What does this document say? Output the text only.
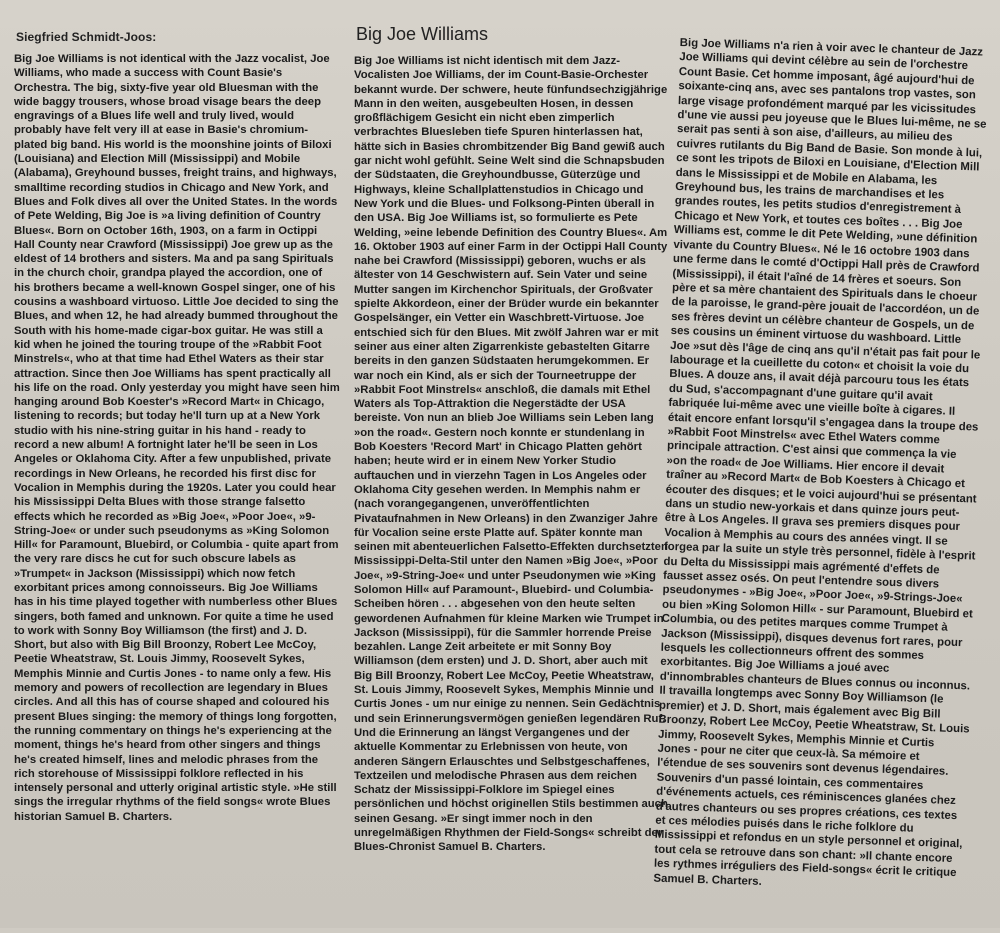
Siegfried Schmidt-Joos:	Big Joe Williams

Big Joe Williams is not identical with the Jazz vocalist, Joe Williams, who made a success with Count Basie's Orchestra. The big, sixty-five year old Bluesman with the wide baggy trousers, whose broad visage bears the deep engravings of a Blues life well and truly lived, would probably have felt very ill at ease in Basie's chromium-plated big band. His world is the moonshine joints of Biloxi (Louisiana) and Election Mill (Mississippi) and Mobile (Alabama), Greyhound busses, freight trains, and highways, smalltime recording studios in Chicago and New York, and Blues and Folk dives all over the United States. In the words of Pete Welding, Big Joe is »a living definition of Country Blues«. Born on October 16th, 1903, on a farm in Octippi Hall County near Crawford (Mississippi) Joe grew up as the eldest of 14 brothers and sisters. Ma and pa sang Spirituals in the church choir, grandpa played the accordion, one of his brothers became a well-known Gospel singer, one of his cousins a washboard virtuoso. Little Joe decided to sing the Blues, and when 12, he had already bummed throughout the South with his home-made cigar-box guitar. He was still a kid when he joined the touring troupe of the »Rabbit Foot Minstrels«, who at that time had Ethel Waters as their star attraction. Since then Joe Williams has spent practically all his life on the road. Only yesterday you might have seen him hanging around Bob Koester's »Record Mart« in Chicago, listening to records; but today he'll turn up at a New York studio with his nine-string guitar in his hand - ready to record a new album! A fortnight later he'll be seen in Los Angeles or Oklahoma City. After a few unpublished, private recordings in New Orleans, he recorded his first disc for Vocalion in Memphis during the 1920s. Later you could hear his Mississippi Delta Blues with those strange falsetto effects which he recorded as »Big Joe«, »Poor Joe«, »9-String-Joe« or under such pseudonyms as »King Solomon Hill« for Paramount, Bluebird, or Columbia - quite apart from the very rare discs he cut for such obscure labels as »Trumpet« in Jackson (Mississippi) which now fetch exorbitant prices among connoisseurs. Big Joe Williams has in his time played together with numberless other Blues singers, both famed and unknown. For quite a time he used to work with Sonny Boy Williamson (the first) and J. D. Short, but also with Big Bill Broonzy, Robert Lee McCoy, Peetie Wheatstraw, St. Louis Jimmy, Roosevelt Sykes, Memphis Minnie and Curtis Jones - to name only a few. His memory and powers of recollection are legendary in Blues circles. And all this has of course shaped and coloured his present Blues singing: the memory of things long forgotten, the running commentary on things he's experiencing at the moment, things he's heard from other singers and things he's created himself, lines and melodic phrases from the rich storehouse of Mississippi folklore reflected in his intensely personal and utterly original artistic style. »He still sings the irregular rhythms of the field songs« wrote Blues historian Samuel B. Charters.

Big Joe Williams ist nicht identisch mit dem Jazz-Vocalisten Joe Williams, der im Count-Basie-Orchester bekannt wurde. Der schwere, heute fünfundsechzigjährige Mann in den weiten, ausgebeulten Hosen, in dessen großflächigem Gesicht ein nicht eben zimperlich verbrachtes Bluesleben tiefe Spuren hinterlassen hat, hätte sich in Basies chrombitzender Big Band gewiß auch gar nicht wohl gefühlt. Seine Welt sind die Schnapsbuden der Südstaaten, die Greyhoundbusse, Güterzüge und Highways, kleine Schallplattenstudios in Chicago und New York und die Blues- und Folksong-Pinten überall in den USA. Big Joe Williams ist, so formulierte es Pete Welding, »eine lebende Definition des Country Blues«. Am 16. Oktober 1903 auf einer Farm in der Octippi Hall County nahe bei Crawford (Mississippi) geboren, wuchs er als ältester von 14 Geschwistern auf. Sein Vater und seine Mutter sangen im Kirchenchor Spirituals, der Großvater spielte Akkordeon, einer der Brüder wurde ein bekannter Gospelsänger, ein Vetter ein Waschbrett-Virtuose. Joe entschied sich für den Blues. Mit zwölf Jahren war er mit seiner aus einer alten Zigarrenkiste gebastelten Gitarre bereits in den ganzen Südstaaten herumgekommen. Er war noch ein Kind, als er sich der Tourneetruppe der »Rabbit Foot Minstrels« anschloß, die damals mit Ethel Waters als Top-Attraktion die Negerstädte der USA bereiste. Von nun an blieb Joe Williams sein Leben lang »on the road«. Gestern noch konnte er stundenlang in Bob Koesters 'Record Mart' in Chicago Platten gehört haben; heute wird er in einem New Yorker Studio auftauchen und in vierzehn Tagen in Los Angeles oder Oklahoma City gesehen werden. In Memphis nahm er (nach vorangegangenen, unveröffentlichten Pivataufnahmen in New Orleans) in den Zwanziger Jahre für Vocalion seine erste Platte auf. Später konnte man seinen mit abenteuerlichen Falsetto-Effekten durchsetzten Mississippi-Delta-Stil unter den Namen »Big Joe«, »Poor Joe«, »9-String-Joe« und unter Pseudonymen wie »King Solomon Hill« auf Paramount-, Bluebird- und Columbia-Scheiben hören . . . abgesehen von den heute selten gewordenen Aufnahmen für kleine Marken wie Trumpet in Jackson (Mississippi), für die Sammler horrende Preise bezahlen. Lange Zeit arbeitete er mit Sonny Boy Williamson (dem ersten) und J. D. Short, aber auch mit Big Bill Broonzy, Robert Lee McCoy, Peetie Wheatstraw, St. Louis Jimmy, Roosevelt Sykes, Memphis Minnie und Curtis Jones - um nur einige zu nennen. Sein Gedächtnis und sein Erinnerungsvermögen genießen legendären Ruf. Und die Erinnerung an längst Vergangenes und der aktuelle Kommentar zu Erlebnissen von heute, von anderen Sängern Erlauschtes und Selbstgeschaffenes, Textzeilen und melodische Phrasen aus dem reichen Schatz der Mississippi-Folklore im Spiegel eines persönlichen und höchst originellen Stils bestimmen auch seinen Gesang. »Er singt immer noch in den unregelmäßigen Rhythmen der Field-Songs« schreibt der Blues-Chronist Samuel B. Charters.

Big Joe Williams n'a rien à voir avec le chanteur de Jazz Joe Williams qui devint célèbre au sein de l'orchestre Count Basie. Cet homme imposant, âgé aujourd'hui de soixante-cinq ans, avec ses pantalons trop vastes, son large visage profondément marqué par les vicissitudes d'une vie aussi peu joyeuse que le Blues lui-même, ne se serait pas senti à son aise, d'ailleurs, au milieu des cuivres rutilants du Big Band de Basie. Son monde à lui, ce sont les tripots de Biloxi en Louisiane, d'Election Mill dans le Mississippi et de Mobile en Alabama, les Greyhound bus, les trains de marchandises et les grandes routes, les petits studios d'enregistrement à Chicago et New York, et toutes ces boîtes . . . Big Joe Williams est, comme le dit Pete Welding, »une définition vivante du Country Blues«. Né le 16 octobre 1903 dans une ferme dans le comté d'Octippi Hall près de Crawford (Mississippi), il était l'aîné de 14 frères et soeurs. Son père et sa mère chantaient des Spirituals dans le choeur de la paroisse, le grand-père jouait de l'accordéon, un de ses frères devint un célèbre chanteur de Gospels, un de ses cousins un éminent virtuose du washboard. Little Joe »sut dès l'âge de cinq ans qu'il n'était pas fait pour le labourage et la cueillette du coton« et choisit la voie du Blues. A douze ans, il avait déjà parcouru tous les états du Sud, s'accompagnant d'une guitare qu'il avait fabriquée lui-même avec une vieille boîte à cigares. Il était encore enfant lorsqu'il s'engagea dans la troupe des »Rabbit Foot Minstrels« avec Ethel Waters comme principale attraction. C'est ainsi que commença la vie »on the road« de Joe Williams. Hier encore il devait traîner au »Record Mart« de Bob Koesters à Chicago et écouter des disques; et le voici aujourd'hui se présentant dans un studio new-yorkais et dans quinze jours peut-être à Los Angeles. Il grava ses premiers disques pour Vocalion à Memphis au cours des années vingt. Il se forgea par la suite un style très personnel, fidèle à l'esprit du Delta du Mississippi mais agrémenté d'effets de fausset assez osés. On peut l'entendre sous divers pseudonymes - »Big Joe«, »Poor Joe«, »9-Strings-Joe« ou bien »King Solomon Hill« - sur Paramount, Bluebird et Columbia, ou des petites marques comme Trumpet à Jackson (Mississippi), disques devenus fort rares, pour lesquels les collectionneurs offrent des sommes exorbitantes. Big Joe Williams a joué avec d'innombrables chanteurs de Blues connus ou inconnus. Il travailla longtemps avec Sonny Boy Williamson (le premier) et J. D. Short, mais également avec Big Bill Broonzy, Robert Lee McCoy, Peetie Wheatstraw, St. Louis Jimmy, Roosevelt Sykes, Memphis Minnie et Curtis Jones - pour ne citer que ceux-là. Sa mémoire et l'étendue de ses souvenirs sont devenus légendaires. Souvenirs d'un passé lointain, ces commentaires d'événements actuels, ces réminiscences glanées chez d'autres chanteurs ou ses propres créations, ces textes et ces mélodies puisés dans le riche folklore du Mississippi et refondus en un style personnel et original, tout cela se retrouve dans son chant: »Il chante encore les rythmes irréguliers des Field-songs« écrit le critique Samuel B. Charters.
